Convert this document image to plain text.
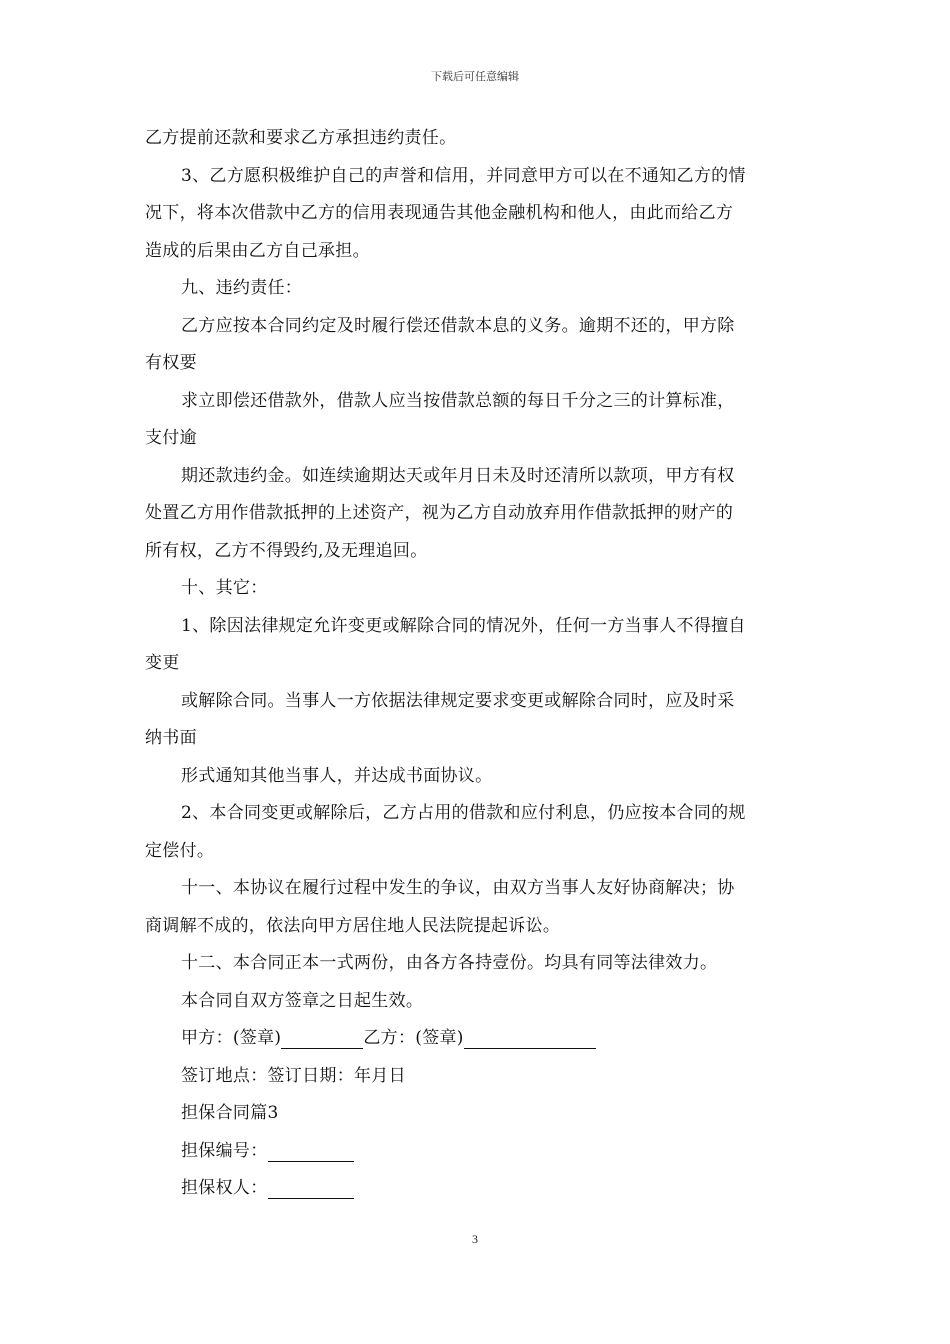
下载后可任意编辑
乙方提前还款和要求乙方承担违约责任。
3、乙方愿积极维护自己的声誉和信用，并同意甲方可以在不通知乙方的情
况下，将本次借款中乙方的信用表现通告其他金融机构和他人，由此而给乙方
造成的后果由乙方自己承担。
九、违约责任：
乙方应按本合同约定及时履行偿还借款本息的义务。逾期不还的，甲方除
有权要
求立即偿还借款外，借款人应当按借款总额的每日千分之三的计算标准，
支付逾
期还款违约金。如连续逾期达天或年月日未及时还清所以款项，甲方有权
处置乙方用作借款抵押的上述资产，视为乙方自动放弃用作借款抵押的财产的
所有权，乙方不得毁约,及无理追回。
十、其它：
1、除因法律规定允许变更或解除合同的情况外，任何一方当事人不得擅自
变更
或解除合同。当事人一方依据法律规定要求变更或解除合同时，应及时采
纳书面
形式通知其他当事人，并达成书面协议。
2、本合同变更或解除后，乙方占用的借款和应付利息，仍应按本合同的规
定偿付。
十一、本协议在履行过程中发生的争议，由双方当事人友好协商解决；协
商调解不成的，依法向甲方居住地人民法院提起诉讼。
十二、本合同正本一式两份，由各方各持壹份。均具有同等法律效力。
本合同自双方签章之日起生效。
甲方：(签章)	乙方：(签章)
签订地点：签订日期：年月日
担保合同篇3
担保编号：
担保权人：
3
